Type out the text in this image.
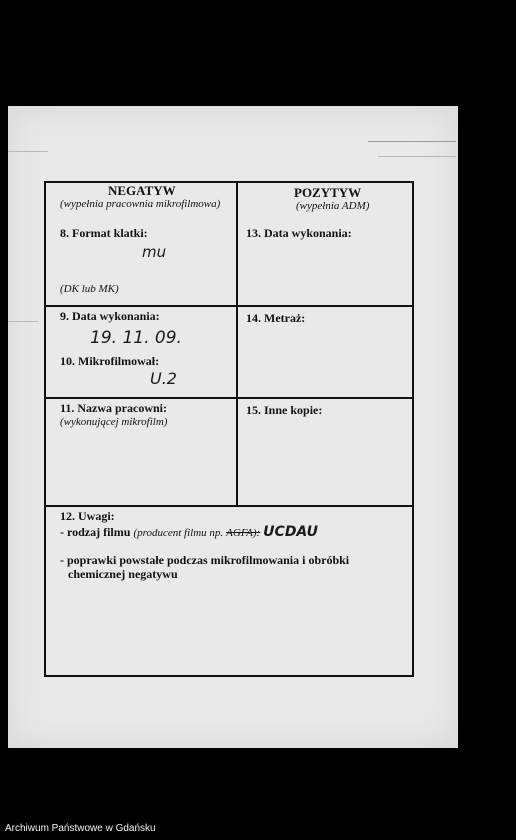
NEGATYW
(wypełnia pracownia mikrofilmowa)
8. Format klatki:
mu
(DK lub MK)
POZYTYW
(wypełnia ADM)
13. Data wykonania:
9. Data wykonania:
19. 11. 09.
10. Mikrofilmował:
U.2
14. Metraż:
11. Nazwa pracowni:
(wykonującej mikrofilm)
15. Inne kopie:
12. Uwagi:
- rodzaj filmu (producent filmu np. AGFA): UCDAU
- poprawki powstałe podczas mikrofilmowania i obróbki
chemicznej negatywu
Archiwum Państwowe w Gdańsku
